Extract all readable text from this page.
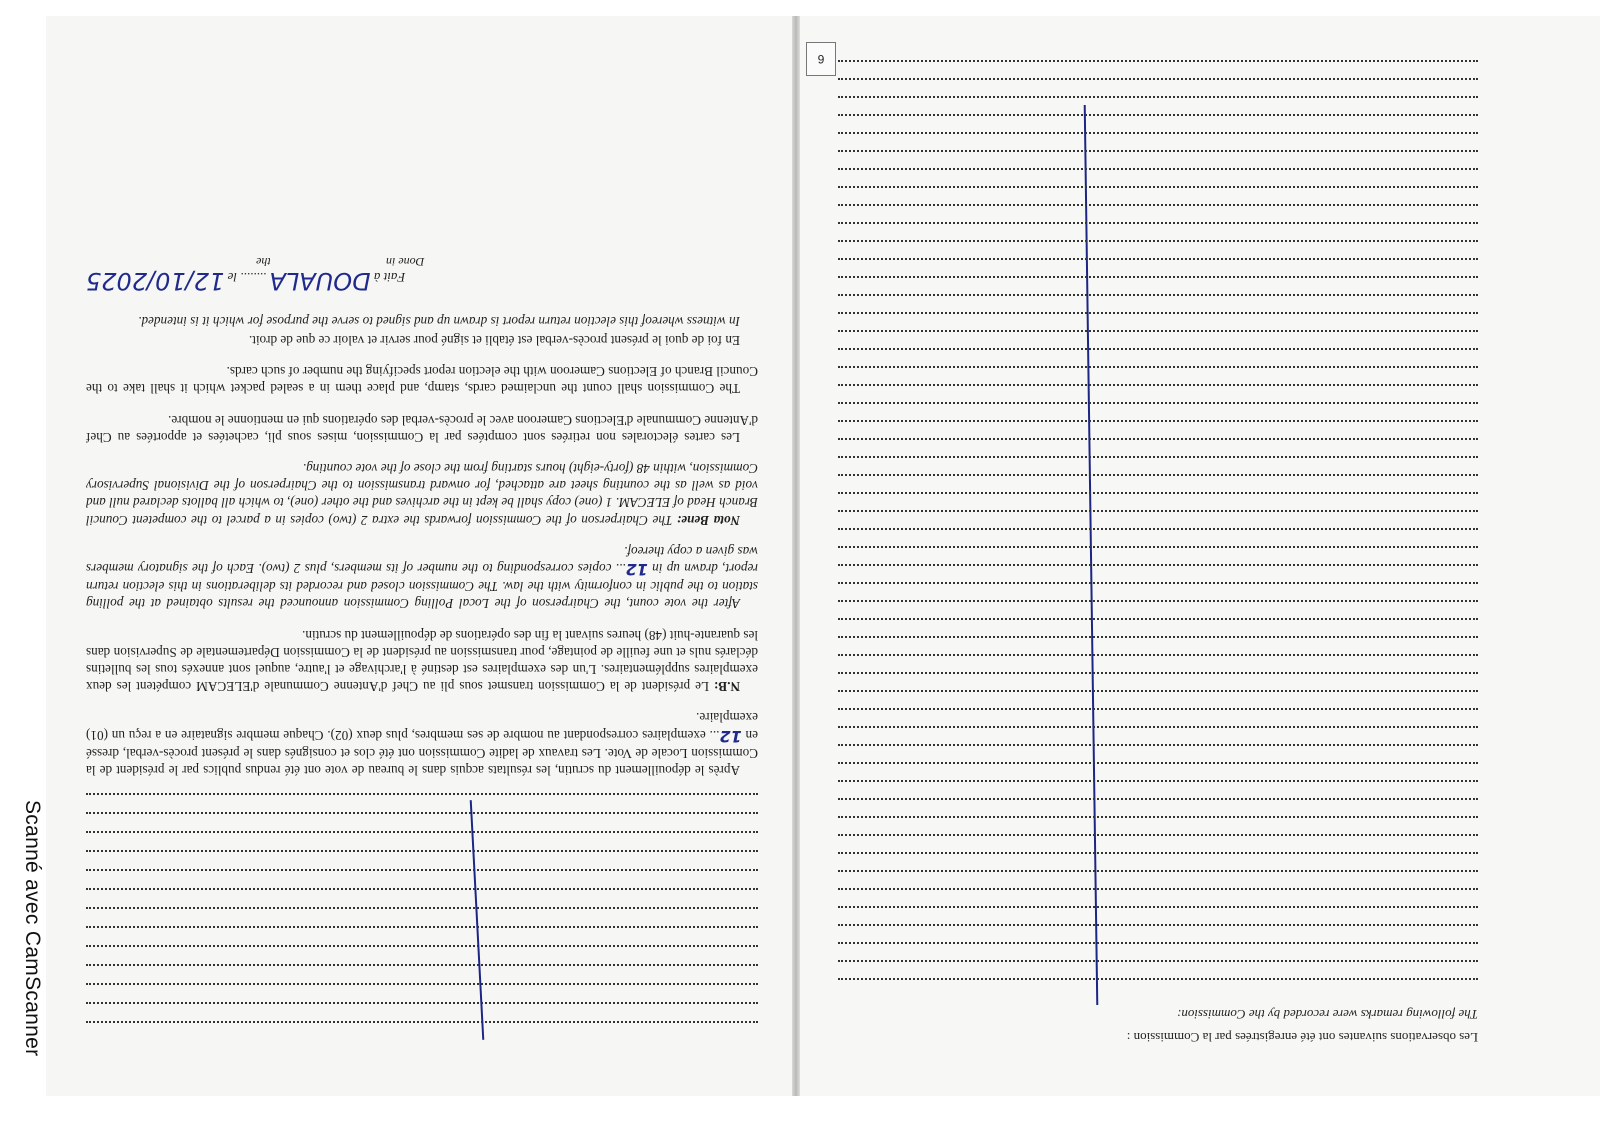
Après le dépouillement du scrutin, les résultats acquis dans le bureau de vote ont été rendus publics par le président de la Commission Locale de Vote. Les travaux de ladite Commission ont été clos et consignés dans le présent procès-verbal, dressé en 12... exemplaires correspondant au nombre de ses membres, plus deux (02). Chaque membre signataire en a reçu un (01) exemplaire.

N.B: Le président de la Commission transmet sous pli au Chef d'Antenne Communale d'ELECAM compétent les deux exemplaires supplémentaires. L'un des exemplaires est destiné à l'archivage et l'autre, auquel sont annexés tous les bulletins déclarés nuls et une feuille de pointage, pour transmission au président de la Commission Départementale de Supervision dans les quarante-huit (48) heures suivant la fin des opérations de dépouillement du scrutin.

After the vote count, the Chairperson of the Local Polling Commission announced the results obtained at the polling station to the public in conformity with the law. The Commission closed and recorded its deliberations in this election return report, drawn up in 12... copies corresponding to the number of its members, plus 2 (two). Each of the signatory members was given a copy thereof.

Nota Bene: The Chairperson of the Commission forwards the extra 2 (two) copies in a parcel to the competent Council Branch Head of ELECAM. 1 (one) copy shall be kept in the archives and the other (one), to which all ballots declared null and void as well as the counting sheet are attached, for onward transmission to the Chairperson of the Divisional Supervisory Commission, within 48 (forty-eight) hours starting from the close of the vote counting.

Les cartes électorales non retirées sont comptées par la Commission, mises sous pli, cachetées et apportées au Chef d'Antenne Communale d'Elections Cameroon avec le procès-verbal des opérations qui en mentionne le nombre.

The Commission shall count the unclaimed cards, stamp, and place them in a sealed packet which it shall take to the Council Branch of Elections Cameroon with the election report specifying the number of such cards.

En foi de quoi le présent procès-verbal est établi et signé pour servir et valoir ce que de droit.

In witness whereof this election return report is drawn up and signed to serve the purpose for which it is intended.

Fait à DOUALA ........ le 12/10/2025
Done in
the

Les observations suivantes ont été enregistrées par la Commission :

The following remarks were recorded by the Commission:

6
Scanné avec CamScanner
